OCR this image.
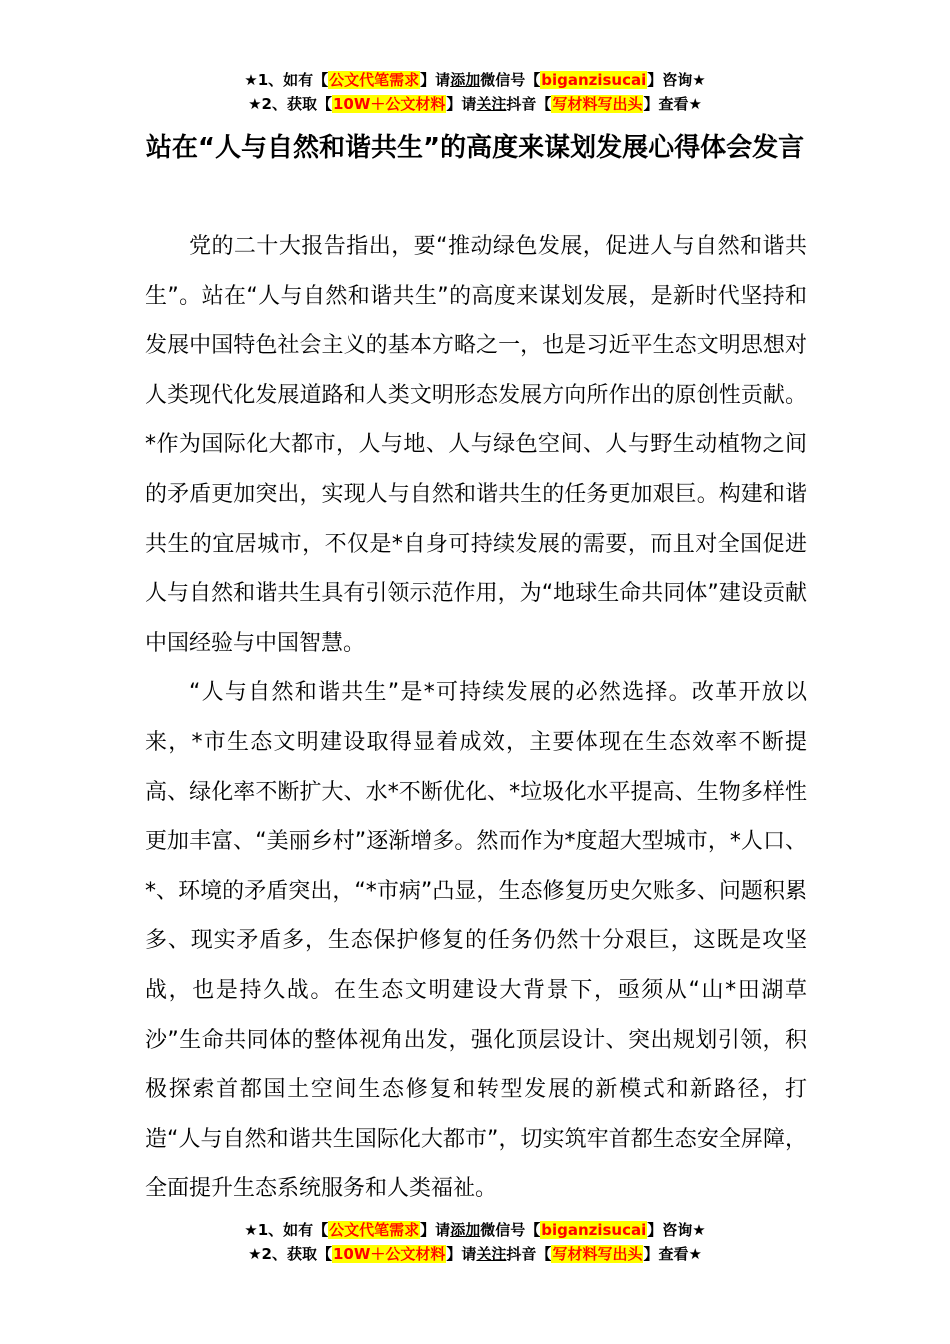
★1、如有【公文代笔需求】请添加微信号【biganzisucai】咨询★
★2、获取【10W＋公文材料】请关注抖音【写材料写出头】查看★
站在“人与自然和谐共生”的高度来谋划发展心得体会发言

党的二十大报告指出，要“推动绿色发展，促进人与自然和谐共生”。站在“人与自然和谐共生”的高度来谋划发展，是新时代坚持和发展中国特色社会主义的基本方略之一，也是习近平生态文明思想对人类现代化发展道路和人类文明形态发展方向所作出的原创性贡献。*作为国际化大都市，人与地、人与绿色空间、人与野生动植物之间的矛盾更加突出，实现人与自然和谐共生的任务更加艰巨。构建和谐共生的宜居城市，不仅是*自身可持续发展的需要，而且对全国促进人与自然和谐共生具有引领示范作用，为“地球生命共同体”建设贡献中国经验与中国智慧。

“人与自然和谐共生”是*可持续发展的必然选择。改革开放以来，*市生态文明建设取得显着成效，主要体现在生态效率不断提高、绿化率不断扩大、水*不断优化、*垃圾化水平提高、生物多样性更加丰富、“美丽乡村”逐渐增多。然而作为*度超大型城市，*人口、*、环境的矛盾突出，“*市病”凸显，生态修复历史欠账多、问题积累多、现实矛盾多，生态保护修复的任务仍然十分艰巨，这既是攻坚战，也是持久战。在生态文明建设大背景下，亟须从“山*田湖草沙”生命共同体的整体视角出发，强化顶层设计、突出规划引领，积极探索首都国土空间生态修复和转型发展的新模式和新路径，打造“人与自然和谐共生国际化大都市”，切实筑牢首都生态安全屏障，全面提升生态系统服务和人类福祉。

★1、如有【公文代笔需求】请添加微信号【biganzisucai】咨询★
★2、获取【10W＋公文材料】请关注抖音【写材料写出头】查看★
